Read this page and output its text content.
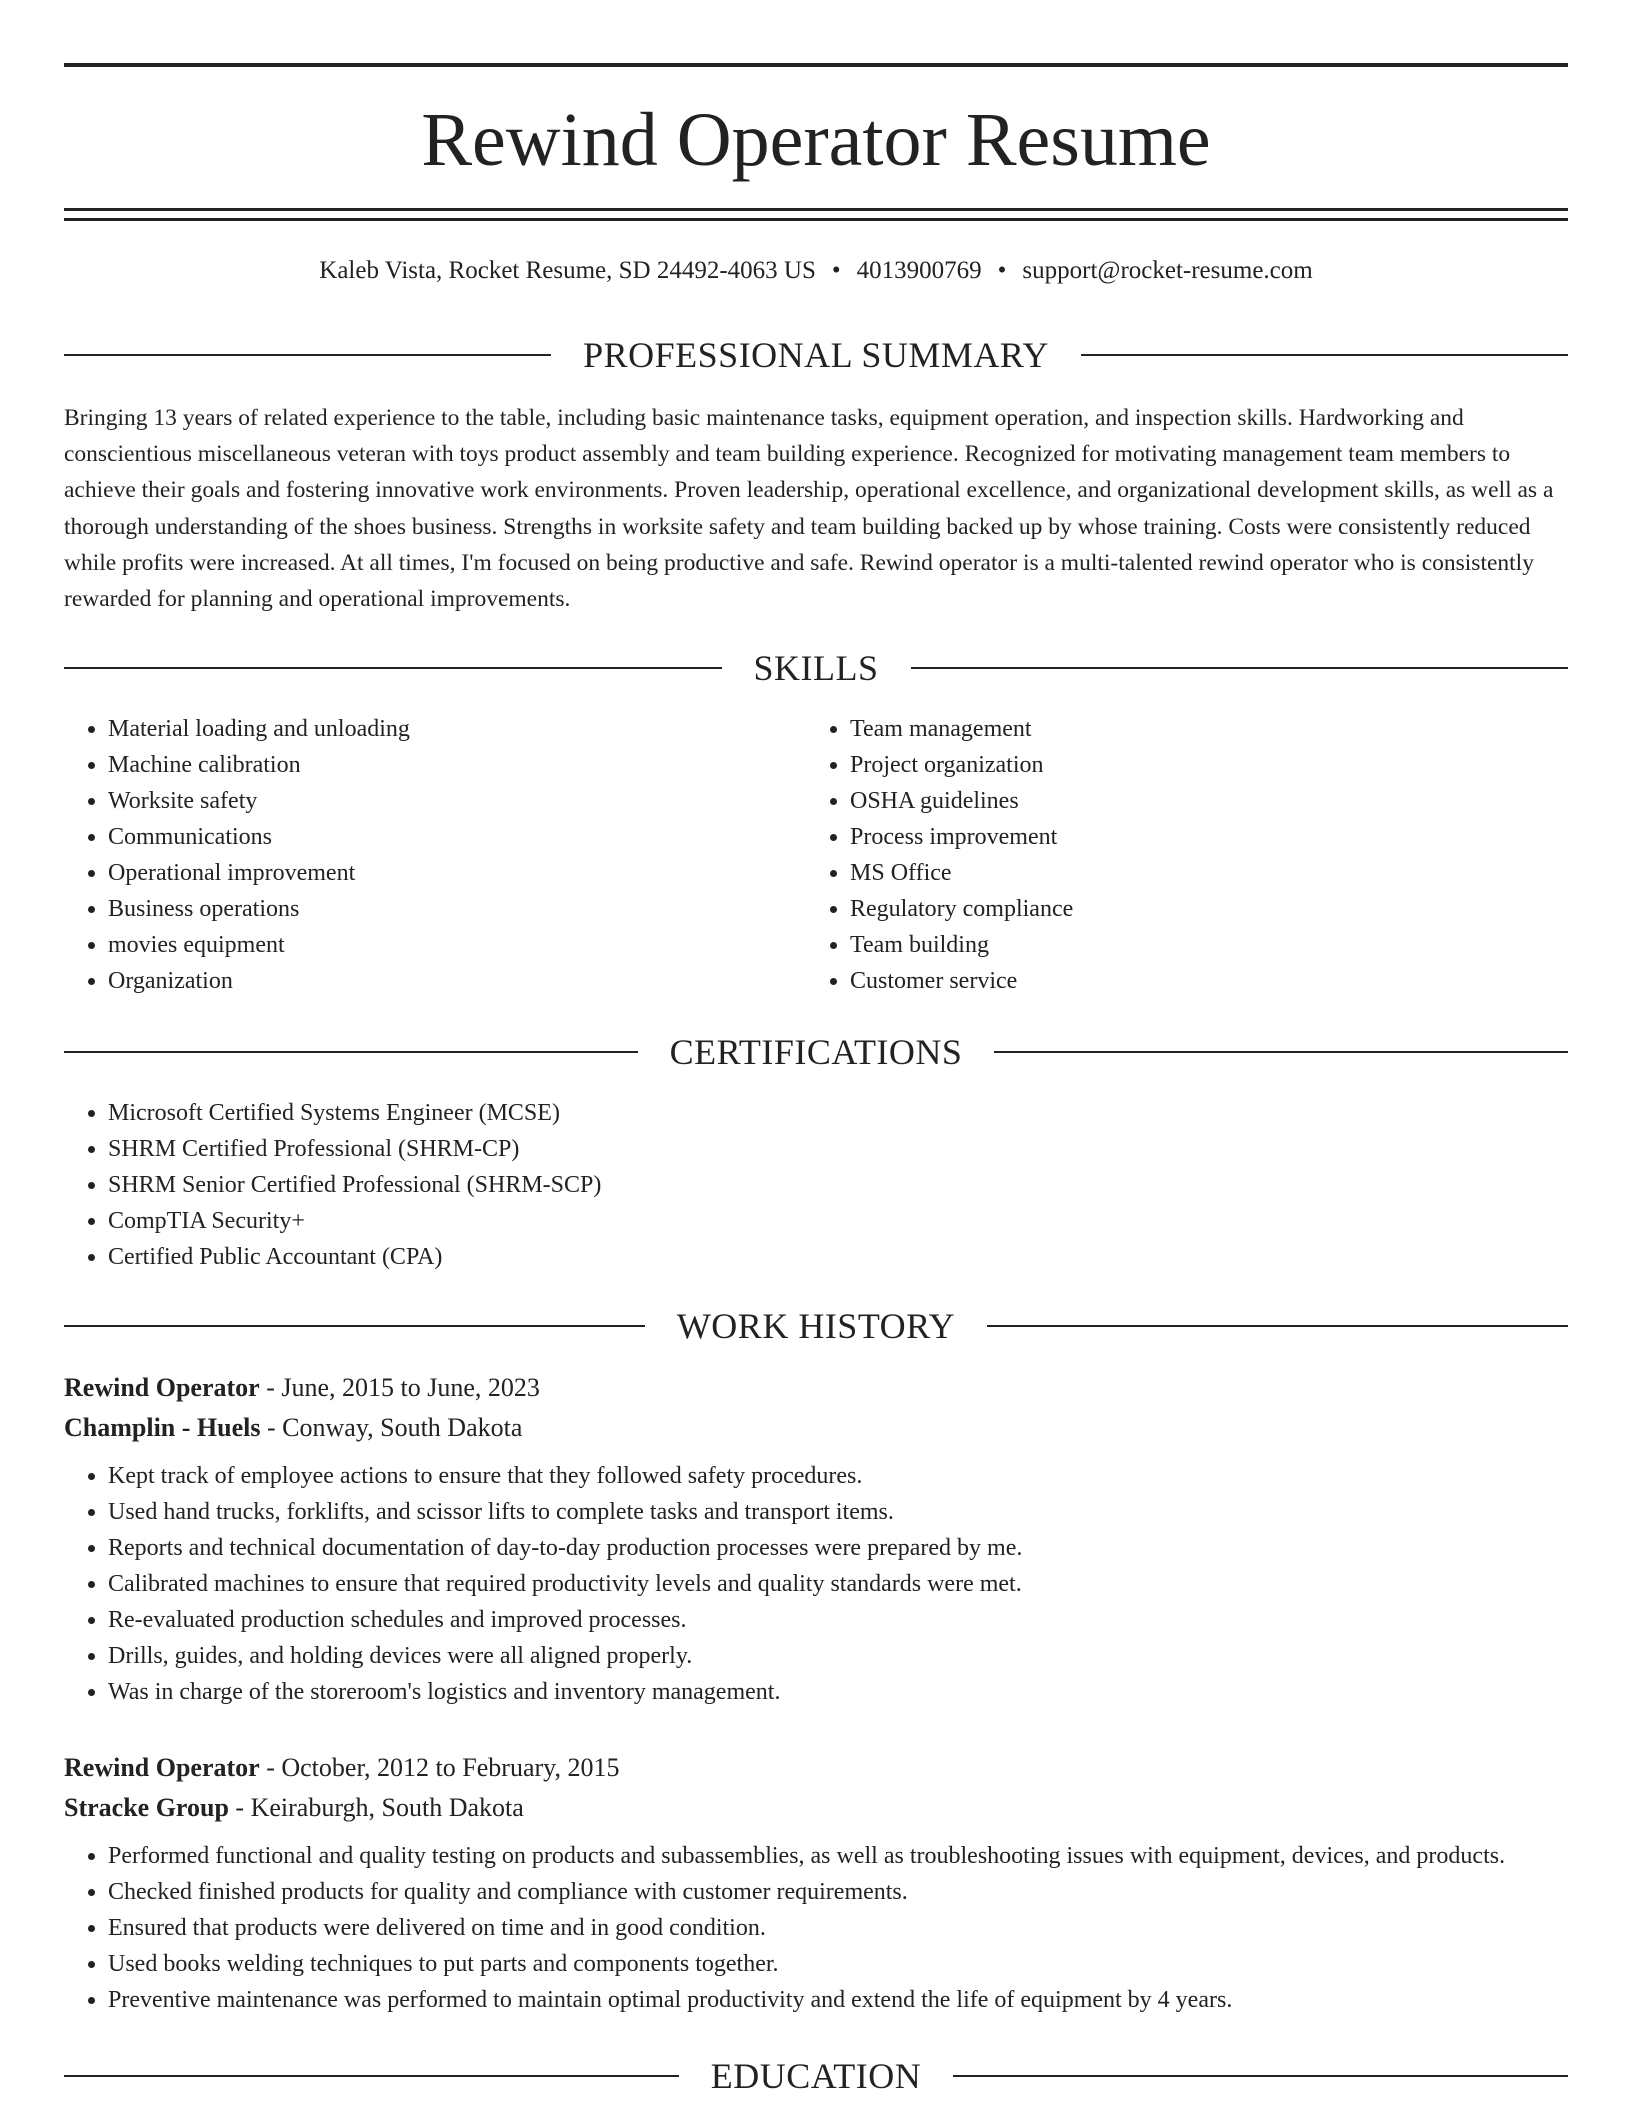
Rewind Operator Resume
Kaleb Vista, Rocket Resume, SD 24492-4063 US • 4013900769 • support@rocket-resume.com
PROFESSIONAL SUMMARY

Bringing 13 years of related experience to the table, including basic maintenance tasks, equipment operation, and inspection skills. Hardworking and conscientious miscellaneous veteran with toys product assembly and team building experience. Recognized for motivating management team members to achieve their goals and fostering innovative work environments. Proven leadership, operational excellence, and organizational development skills, as well as a thorough understanding of the shoes business. Strengths in worksite safety and team building backed up by whose training. Costs were consistently reduced while profits were increased. At all times, I'm focused on being productive and safe. Rewind operator is a multi-talented rewind operator who is consistently rewarded for planning and operational improvements.

SKILLS
• Material loading and unloading
• Machine calibration
• Worksite safety
• Communications
• Operational improvement
• Business operations
• movies equipment
• Organization
• Team management
• Project organization
• OSHA guidelines
• Process improvement
• MS Office
• Regulatory compliance
• Team building
• Customer service
CERTIFICATIONS
• Microsoft Certified Systems Engineer (MCSE)
• SHRM Certified Professional (SHRM-CP)
• SHRM Senior Certified Professional (SHRM-SCP)
• CompTIA Security+
• Certified Public Accountant (CPA)
WORK HISTORY
Rewind Operator - June, 2015 to June, 2023
Champlin - Huels - Conway, South Dakota
• Kept track of employee actions to ensure that they followed safety procedures.
• Used hand trucks, forklifts, and scissor lifts to complete tasks and transport items.
• Reports and technical documentation of day-to-day production processes were prepared by me.
• Calibrated machines to ensure that required productivity levels and quality standards were met.
• Re-evaluated production schedules and improved processes.
• Drills, guides, and holding devices were all aligned properly.
• Was in charge of the storeroom's logistics and inventory management.
Rewind Operator - October, 2012 to February, 2015
Stracke Group - Keiraburgh, South Dakota
• Performed functional and quality testing on products and subassemblies, as well as troubleshooting issues with equipment, devices, and products.
• Checked finished products for quality and compliance with customer requirements.
• Ensured that products were delivered on time and in good condition.
• Used books welding techniques to put parts and components together.
• Preventive maintenance was performed to maintain optimal productivity and extend the life of equipment by 4 years.
EDUCATION
